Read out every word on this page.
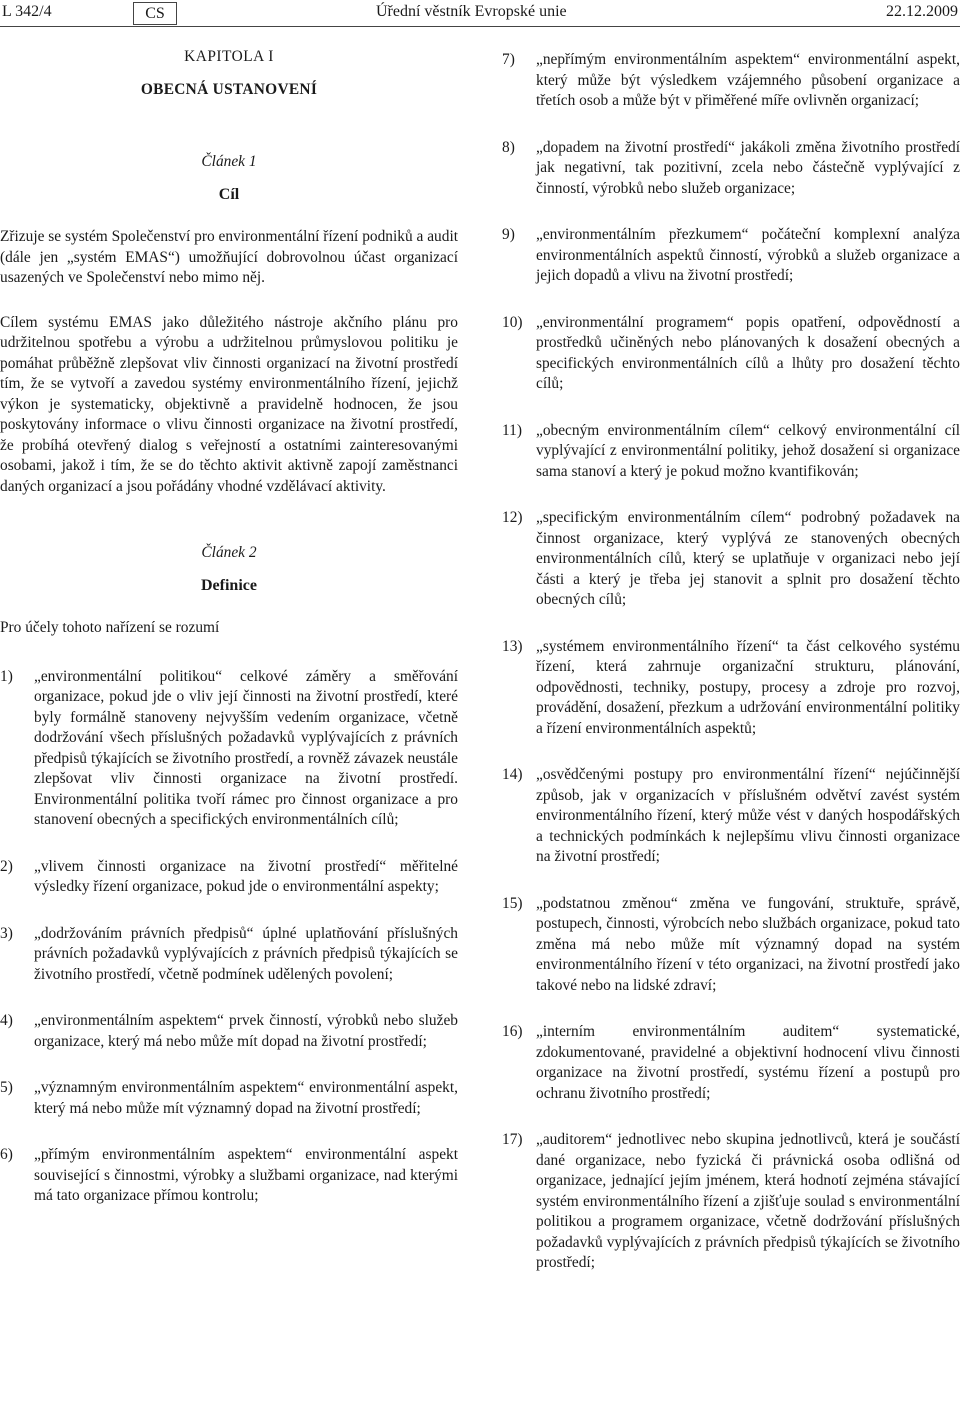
L 342/4	CS	Úřední věstník Evropské unie	22.12.2009
KAPITOLA I
OBECNÁ USTANOVENÍ
Článek 1
Cíl

Zřizuje se systém Společenství pro environmentální řízení podniků a audit (dále jen „systém EMAS“) umožňující dobrovolnou účast organizací usazených ve Společenství nebo mimo něj.

Cílem systému EMAS jako důležitého nástroje akčního plánu pro udržitelnou spotřebu a výrobu a udržitelnou průmyslovou politiku je pomáhat průběžně zlepšovat vliv činnosti organizací na životní prostředí tím, že se vytvoří a zavedou systémy environmentálního řízení, jejichž výkon je systematicky, objektivně a pravidelně hodnocen, že jsou poskytovány informace o vlivu činnosti organizace na životní prostředí, že probíhá otevřený dialog s veřejností a ostatními zainteresovanými osobami, jakož i tím, že se do těchto aktivit aktivně zapojí zaměstnanci daných organizací a jsou pořádány vhodné vzdělávací aktivity.

Článek 2
Definice

Pro účely tohoto nařízení se rozumí

1) „environmentální politikou“ celkové záměry a směřování organizace, pokud jde o vliv její činnosti na životní prostředí, které byly formálně stanoveny nejvyšším vedením organizace, včetně dodržování všech příslušných požadavků vyplývajících z právních předpisů týkajících se životního prostředí, a rovněž závazek neustále zlepšovat vliv činnosti organizace na životní prostředí. Environmentální politika tvoří rámec pro činnost organizace a pro stanovení obecných a specifických environmentálních cílů;
2) „vlivem činnosti organizace na životní prostředí“ měřitelné výsledky řízení organizace, pokud jde o environmentální aspekty;
3) „dodržováním právních předpisů“ úplné uplatňování příslušných právních požadavků vyplývajících z právních předpisů týkajících se životního prostředí, včetně podmínek udělených povolení;
4) „environmentálním aspektem“ prvek činností, výrobků nebo služeb organizace, který má nebo může mít dopad na životní prostředí;
5) „významným environmentálním aspektem“ environmentální aspekt, který má nebo může mít významný dopad na životní prostředí;
6) „přímým environmentálním aspektem“ environmentální aspekt související s činnostmi, výrobky a službami organizace, nad kterými má tato organizace přímou kontrolu;
7) „nepřímým environmentálním aspektem“ environmentální aspekt, který může být výsledkem vzájemného působení organizace a třetích osob a může být v přiměřené míře ovlivněn organizací;
8) „dopadem na životní prostředí“ jakákoli změna životního prostředí jak negativní, tak pozitivní, zcela nebo částečně vyplývající z činností, výrobků nebo služeb organizace;
9) „environmentálním přezkumem“ počáteční komplexní analýza environmentálních aspektů činností, výrobků a služeb organizace a jejich dopadů a vlivu na životní prostředí;
10) „environmentální programem“ popis opatření, odpovědností a prostředků učiněných nebo plánovaných k dosažení obecných a specifických environmentálních cílů a lhůty pro dosažení těchto cílů;
11) „obecným environmentálním cílem“ celkový environmentální cíl vyplývající z environmentální politiky, jehož dosažení si organizace sama stanoví a který je pokud možno kvantifikován;
12) „specifickým environmentálním cílem“ podrobný požadavek na činnost organizace, který vyplývá ze stanovených obecných environmentálních cílů, který se uplatňuje v organizaci nebo její části a který je třeba jej stanovit a splnit pro dosažení těchto obecných cílů;
13) „systémem environmentálního řízení“ ta část celkového systému řízení, která zahrnuje organizační strukturu, plánování, odpovědnosti, techniky, postupy, procesy a zdroje pro rozvoj, provádění, dosažení, přezkum a udržování environmentální politiky a řízení environmentálních aspektů;
14) „osvědčenými postupy pro environmentální řízení“ nejúčinnější způsob, jak v organizacích v příslušném odvětví zavést systém environmentálního řízení, který může vést v daných hospodářských a technických podmínkách k nejlepšímu vlivu činnosti organizace na životní prostředí;
15) „podstatnou změnou“ změna ve fungování, struktuře, správě, postupech, činnosti, výrobcích nebo službách organizace, pokud tato změna má nebo může mít významný dopad na systém environmentálního řízení v této organizaci, na životní prostředí jako takové nebo na lidské zdraví;
16) „interním environmentálním auditem“ systematické, zdokumentované, pravidelné a objektivní hodnocení vlivu činnosti organizace na životní prostředí, systému řízení a postupů pro ochranu životního prostředí;
17) „auditorem“ jednotlivec nebo skupina jednotlivců, která je součástí dané organizace, nebo fyzická či právnická osoba odlišná od organizace, jednající jejím jménem, která hodnotí zejména stávající systém environmentálního řízení a zjišťuje soulad s environmentální politikou a programem organizace, včetně dodržování příslušných požadavků vyplývajících z právních předpisů týkajících se životního prostředí;
